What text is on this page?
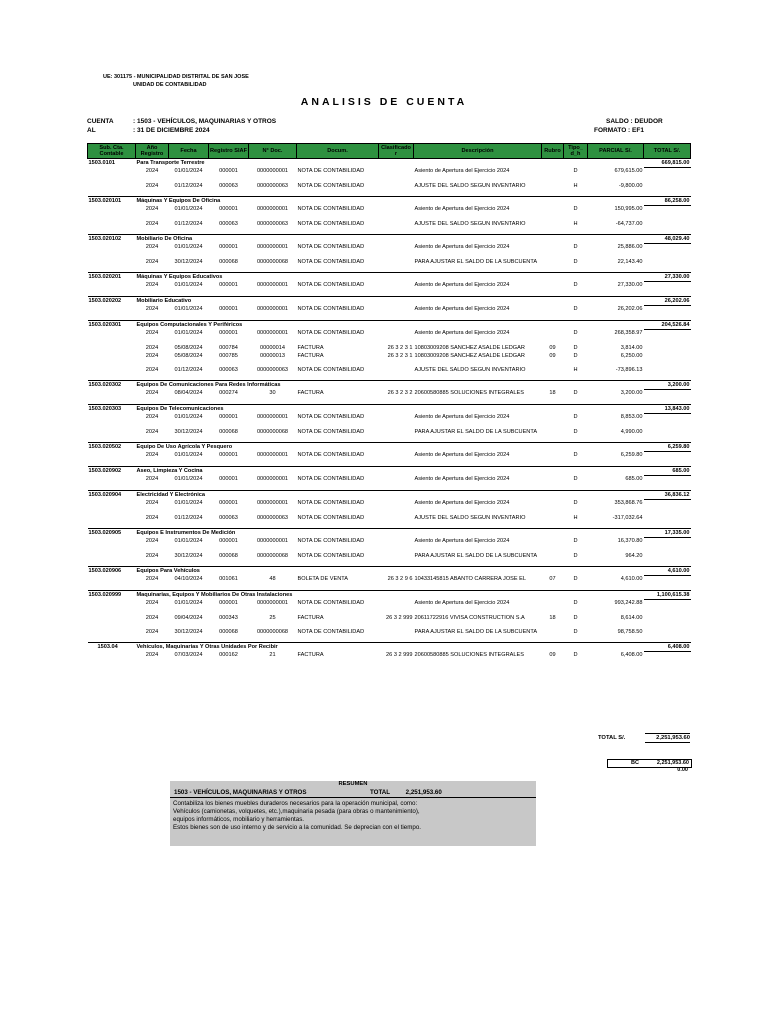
UE: 301175 - MUNICIPALIDAD DISTRITAL DE SAN JOSE
UNIDAD DE CONTABILIDAD
ANALISIS DE CUENTA
CUENTA	: 1503 - VEHÍCULOS, MAQUINARIAS Y OTROS
AL	: 31 DE DICIEMBRE 2024
SALDO : DEUDOR
FORMATO : EF1
Sub. Cta. Contable	Año Registro	Fecha	Registro SIAF	N° Doc.	Docum.	Clasificado r	Descripción	Rubro	Tipo_ d_h	PARCIAL S/.	TOTAL S/.
1503.0101	Para Transporte Terrestre										669,815.00
	2024	01/01/2024	000001	0000000001	NOTA DE CONTABILIDAD		Asiento de Apertura del Ejercicio 2024		D	679,615.00	

	2024	01/12/2024	000063	0000000063	NOTA DE CONTABILIDAD		AJUSTE DEL SALDO SEGUN INVENTARIO		H	-9,800.00	

1503.020101	Máquinas Y Equipos De Oficina										86,258.00
	2024	01/01/2024	000001	0000000001	NOTA DE CONTABILIDAD		Asiento de Apertura del Ejercicio 2024		D	150,995.00	

	2024	01/12/2024	000063	0000000063	NOTA DE CONTABILIDAD		AJUSTE DEL SALDO SEGUN INVENTARIO		H	-64,737.00	

1503.020102	Mobiliario De Oficina										48,029.40
	2024	01/01/2024	000001	0000000001	NOTA DE CONTABILIDAD		Asiento de Apertura del Ejercicio 2024		D	25,886.00	

	2024	30/12/2024	000068	0000000068	NOTA DE CONTABILIDAD		PARA AJUSTAR EL SALDO DE LA SUBCUENTA		D	22,143.40	

1503.020201	Máquinas Y Equipos Educativos										27,330.00
	2024	01/01/2024	000001	0000000001	NOTA DE CONTABILIDAD		Asiento de Apertura del Ejercicio 2024		D	27,330.00	

1503.020202	Mobiliario Educativo										26,202.06
	2024	01/01/2024	000001	0000000001	NOTA DE CONTABILIDAD		Asiento de Apertura del Ejercicio 2024		D	26,202.06	

1503.020301	Equipos Computacionales Y Periféricos										204,526.84
	2024	01/01/2024	000001	0000000001	NOTA DE CONTABILIDAD		Asiento de Apertura del Ejercicio 2024		D	268,358.97	

	2024	05/08/2024	000784	00000014	FACTURA	26 3 2 3 1	10803009208 SANCHEZ ASALDE LEDGAR	09	D	3,814.00	
	2024	05/08/2024	000785	00000013	FACTURA	26 3 2 3 1	10803009208 SANCHEZ ASALDE LEDGAR	09	D	6,250.00	

	2024	01/12/2024	000063	0000000063	NOTA DE CONTABILIDAD		AJUSTE DEL SALDO SEGUN INVENTARIO		H	-73,896.13	

1503.020302	Equipos De Comunicaciones Para Redes Informáticas										3,200.00
	2024	08/04/2024	000274	30	FACTURA	26 3 2 3 2	20600580885 SOLUCIONES INTEGRALES	18	D	3,200.00	

1503.020303	Equipos De Telecomunicaciones										13,843.00
	2024	01/01/2024	000001	0000000001	NOTA DE CONTABILIDAD		Asiento de Apertura del Ejercicio 2024		D	8,853.00	

	2024	30/12/2024	000068	0000000068	NOTA DE CONTABILIDAD		PARA AJUSTAR EL SALDO DE LA SUBCUENTA		D	4,990.00	

1503.020502	Equipo De Uso Agrícola Y Pesquero										6,259.80
	2024	01/01/2024	000001	0000000001	NOTA DE CONTABILIDAD		Asiento de Apertura del Ejercicio 2024		D	6,259.80	

1503.020902	Aseo, Limpieza Y Cocina										685.00
	2024	01/01/2024	000001	0000000001	NOTA DE CONTABILIDAD		Asiento de Apertura del Ejercicio 2024		D	685.00	

1503.020904	Electricidad Y Electrónica										36,836.12
	2024	01/01/2024	000001	0000000001	NOTA DE CONTABILIDAD		Asiento de Apertura del Ejercicio 2024		D	353,868.76	

	2024	01/12/2024	000063	0000000063	NOTA DE CONTABILIDAD		AJUSTE DEL SALDO SEGUN INVENTARIO		H	-317,032.64	

1503.020905	Equipos E Instrumentos De Medición										17,335.00
	2024	01/01/2024	000001	0000000001	NOTA DE CONTABILIDAD		Asiento de Apertura del Ejercicio 2024		D	16,370.80	

	2024	30/12/2024	000068	0000000068	NOTA DE CONTABILIDAD		PARA AJUSTAR EL SALDO DE LA SUBCUENTA		D	964.20	

1503.020906	Equipos Para Vehículos										4,610.00
	2024	04/10/2024	001061	48	BOLETA DE VENTA	26 3 2 9 6	10433145815 ABANTO CARRERA JOSE EL	07	D	4,610.00	

1503.020999	Maquinarias, Equipos Y Mobiliarios De Otras Instalaciones										1,100,615.38
	2024	01/01/2024	000001	0000000001	NOTA DE CONTABILIDAD		Asiento de Apertura del Ejercicio 2024		D	993,242.88	

	2024	09/04/2024	000343	25	FACTURA	26 3 2 999	20611722916 VIVISA CONSTRUCTION S.A	18	D	8,614.00	

	2024	30/12/2024	000068	0000000068	NOTA DE CONTABILIDAD		PARA AJUSTAR EL SALDO DE LA SUBCUENTA		D	98,758.50	

1503.04	Vehículos, Maquinarias Y Otras Unidades Por Recibir										6,408.00
	2024	07/03/2024	000162	21	FACTURA	26 3 2 999	20600580885 SOLUCIONES INTEGRALES	09	D	6,408.00	

TOTAL S/.	2,251,953.60
BC	2,251,953.60
0.00
RESUMEN
1503 - VEHÍCULOS, MAQUINARIAS Y OTROS	TOTAL	2,251,953.60
Contabiliza los bienes muebles duraderos necesarios para la operación municipal, como:
Vehículos (camionetas, volquetes, etc.),maquinaria pesada (para obras o mantenimiento),
equipos informáticos, mobiliario y herramientas.
Estos bienes son de uso interno y de servicio a la comunidad. Se deprecian con el tiempo.
